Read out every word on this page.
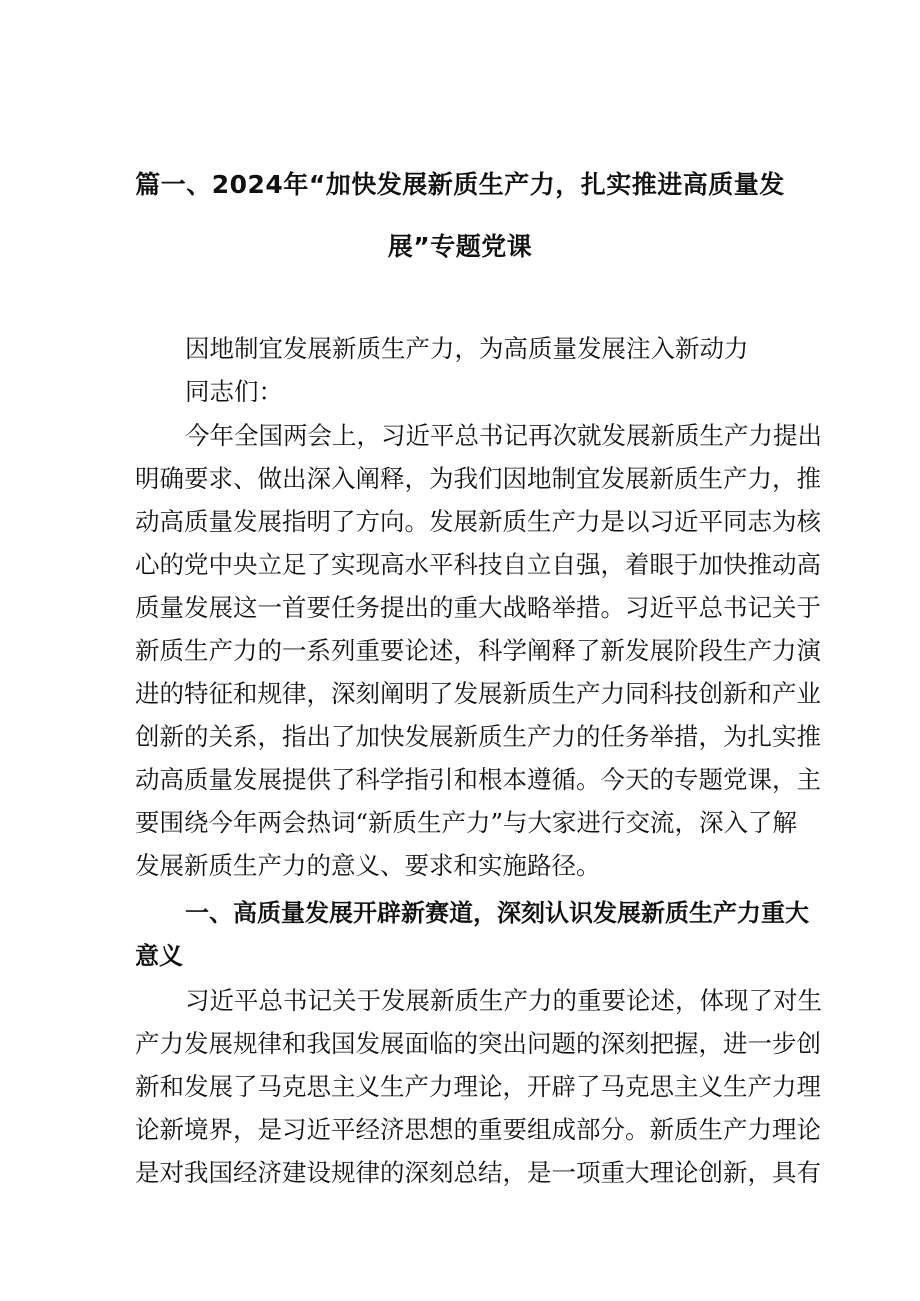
篇一、2024年“加快发展新质生产力，扎实推进高质量发
展”专题党课
因地制宜发展新质生产力，为高质量发展注入新动力
同志们：
今年全国两会上，习近平总书记再次就发展新质生产力提出
明确要求、做出深入阐释，为我们因地制宜发展新质生产力，推
动高质量发展指明了方向。发展新质生产力是以习近平同志为核
心的党中央立足了实现高水平科技自立自强，着眼于加快推动高
质量发展这一首要任务提出的重大战略举措。习近平总书记关于
新质生产力的一系列重要论述，科学阐释了新发展阶段生产力演
进的特征和规律，深刻阐明了发展新质生产力同科技创新和产业
创新的关系，指出了加快发展新质生产力的任务举措，为扎实推
动高质量发展提供了科学指引和根本遵循。今天的专题党课，主
要围绕今年两会热词“新质生产力”与大家进行交流，深入了解
发展新质生产力的意义、要求和实施路径。
一、高质量发展开辟新赛道，深刻认识发展新质生产力重大
意义
习近平总书记关于发展新质生产力的重要论述，体现了对生
产力发展规律和我国发展面临的突出问题的深刻把握，进一步创
新和发展了马克思主义生产力理论，开辟了马克思主义生产力理
论新境界，是习近平经济思想的重要组成部分。新质生产力理论
是对我国经济建设规律的深刻总结，是一项重大理论创新，具有
